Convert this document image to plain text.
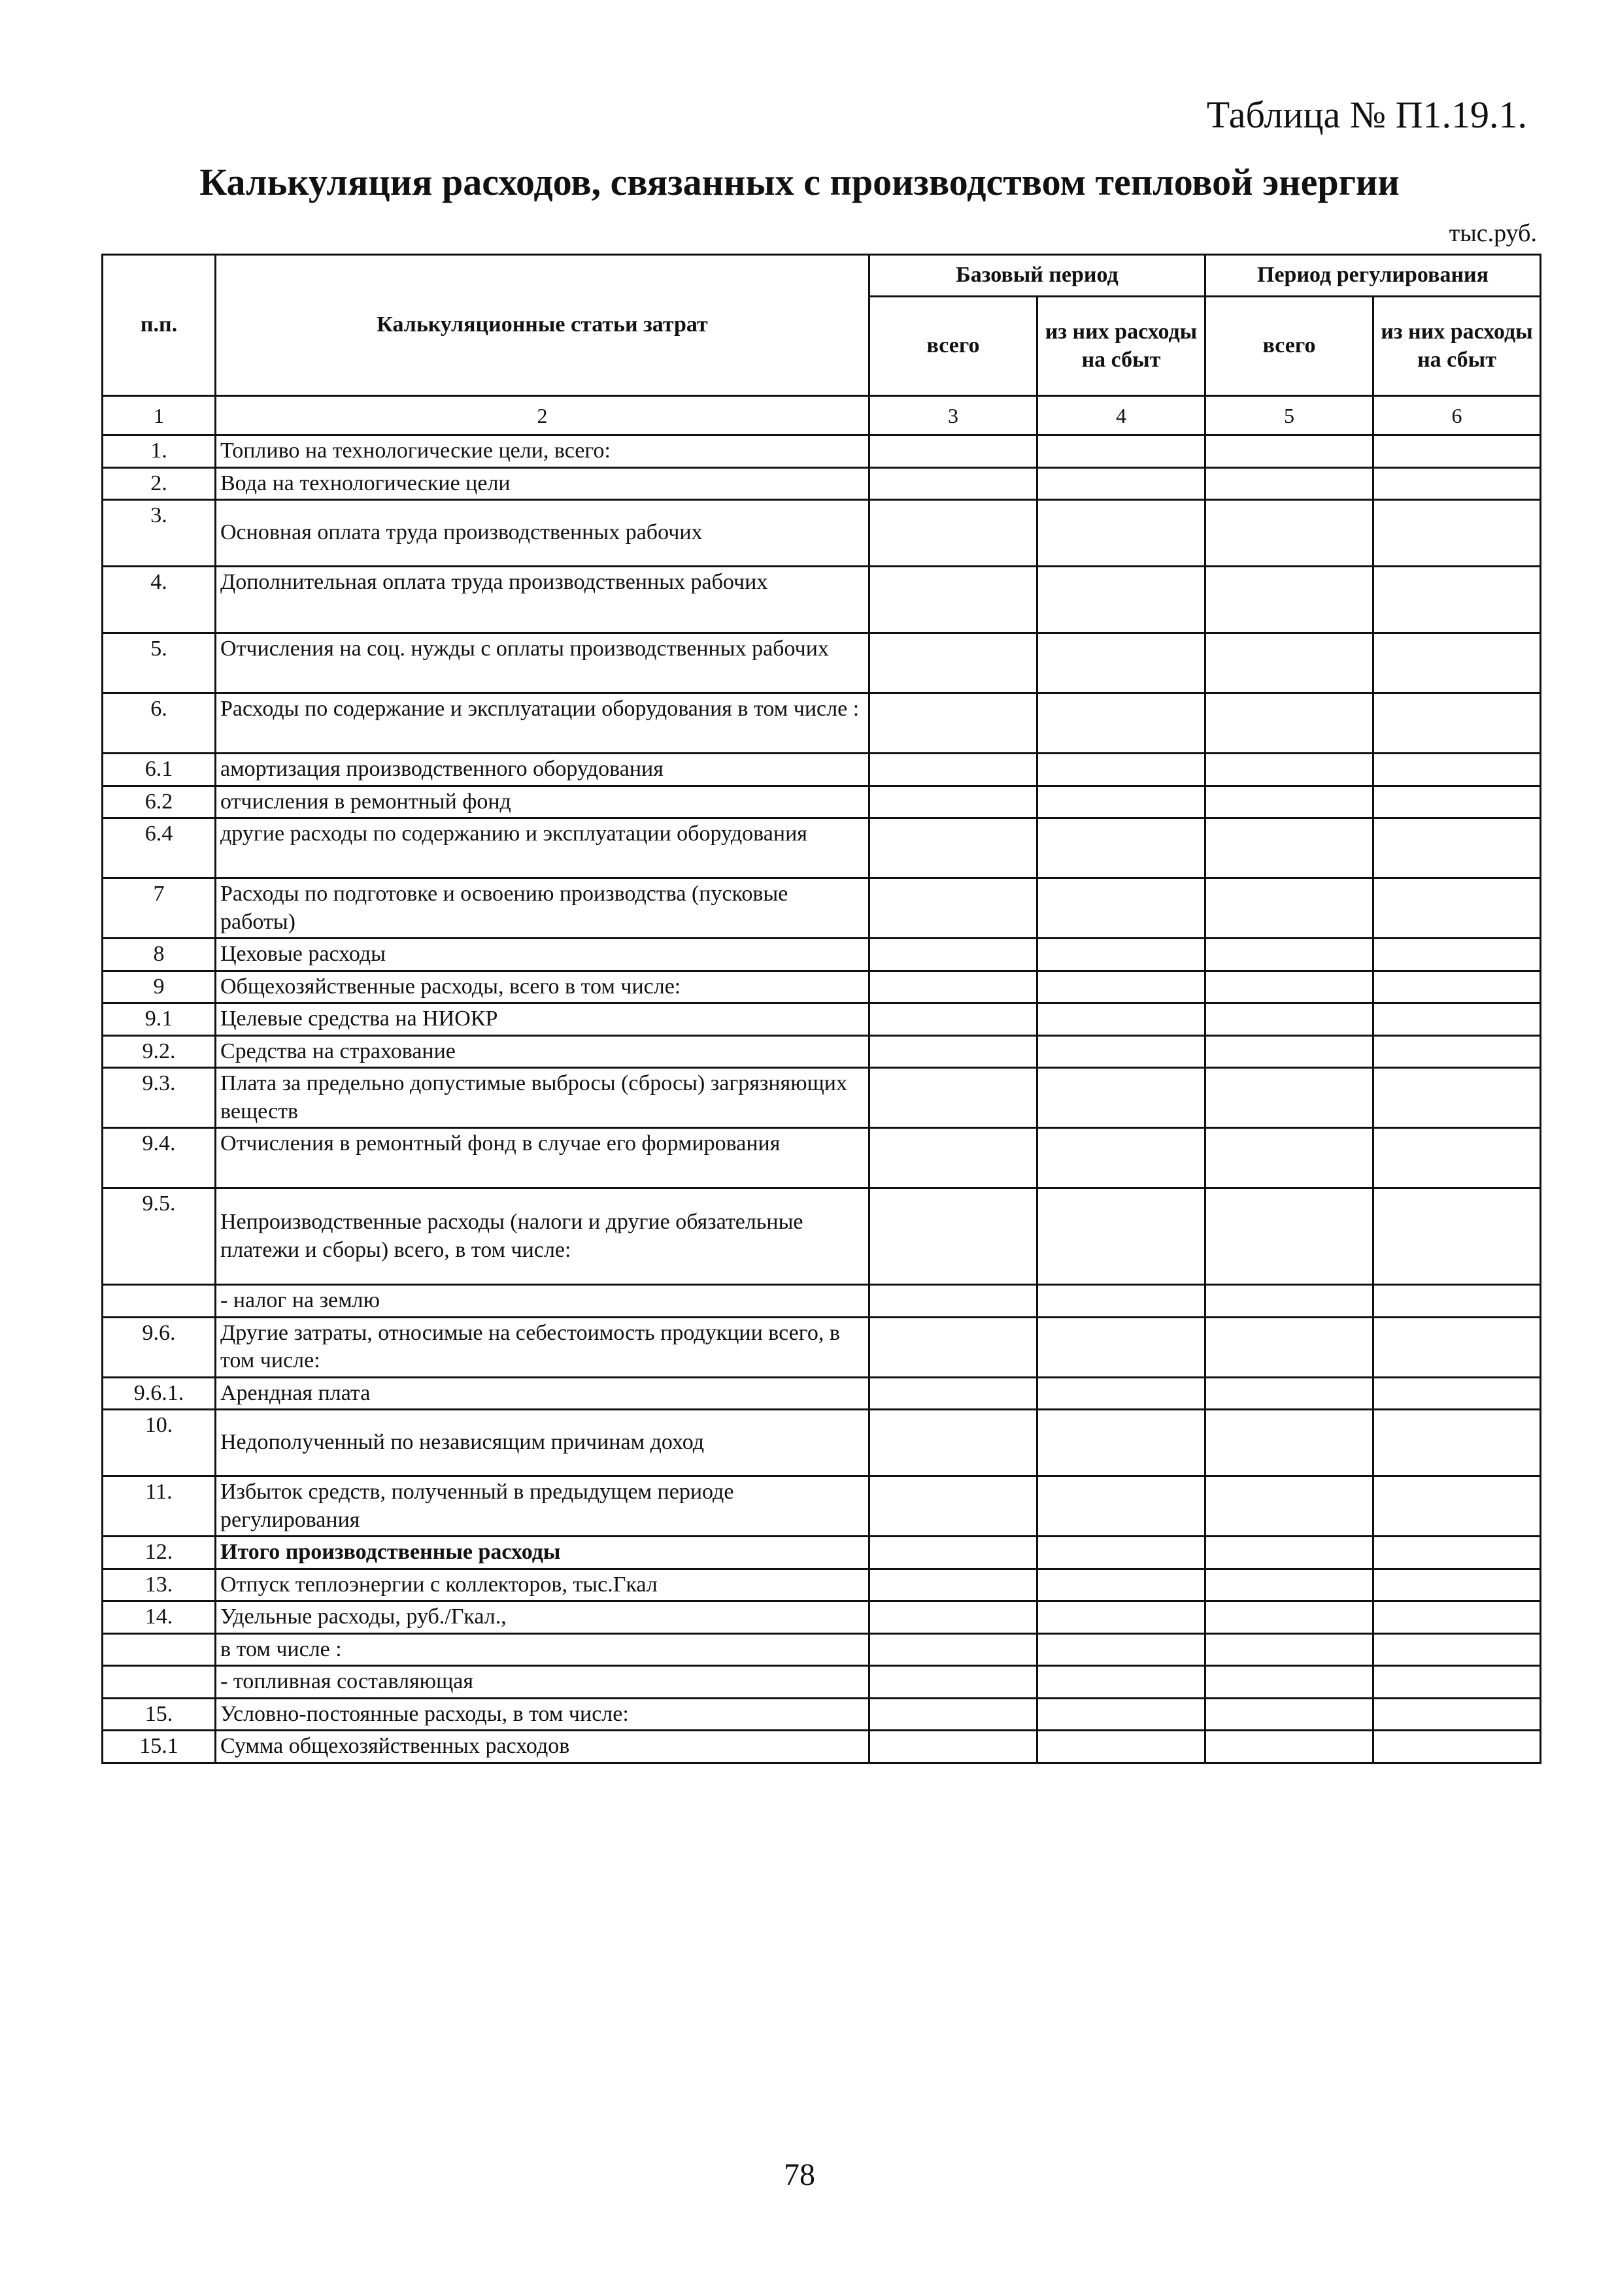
Таблица № П1.19.1.
Калькуляция расходов, связанных с производством тепловой энергии
тыс.руб.
п.п.	Калькуляционные статьи затрат	Базовый период		Период регулирования	
		всего	из них расходы на сбыт	всего	из них расходы на сбыт
1	2	3	4	5	6
1.	Топливо на технологические цели, всего:				
2.	Вода на технологические цели				
3.	Основная оплата труда производственных рабочих				
4.	Дополнительная оплата труда производственных рабочих				
5.	Отчисления на соц. нужды с оплаты производственных рабочих				
6.	Расходы по содержание и эксплуатации оборудования в том числе :				
6.1	амортизация производственного оборудования				
6.2	отчисления в ремонтный фонд				
6.4	другие расходы по содержанию и эксплуатации оборудования				
7	Расходы по подготовке и освоению производства (пусковые работы)				
8	Цеховые расходы				
9	Общехозяйственные расходы, всего в том числе:				
9.1	Целевые средства на НИОКР				
9.2.	Средства на страхование				
9.3.	Плата за предельно допустимые выбросы (сбросы) загрязняющих веществ				
9.4.	Отчисления в ремонтный фонд в случае его формирования				
9.5.	Непроизводственные расходы (налоги и другие обязательные платежи и сборы) всего, в том числе:				
	- налог на землю				
9.6.	Другие затраты, относимые на себестоимость продукции всего, в том числе:				
9.6.1.	Арендная плата				
10.	Недополученный по независящим причинам доход				
11.	Избыток средств, полученный в предыдущем периоде регулирования				
12.	Итого производственные расходы				
13.	Отпуск теплоэнергии с коллекторов, тыс.Гкал				
14.	Удельные расходы, руб./Гкал.,				
	в том числе :				
	- топливная составляющая				
15.	Условно-постоянные расходы, в том числе:				
15.1	Сумма общехозяйственных расходов				
78
